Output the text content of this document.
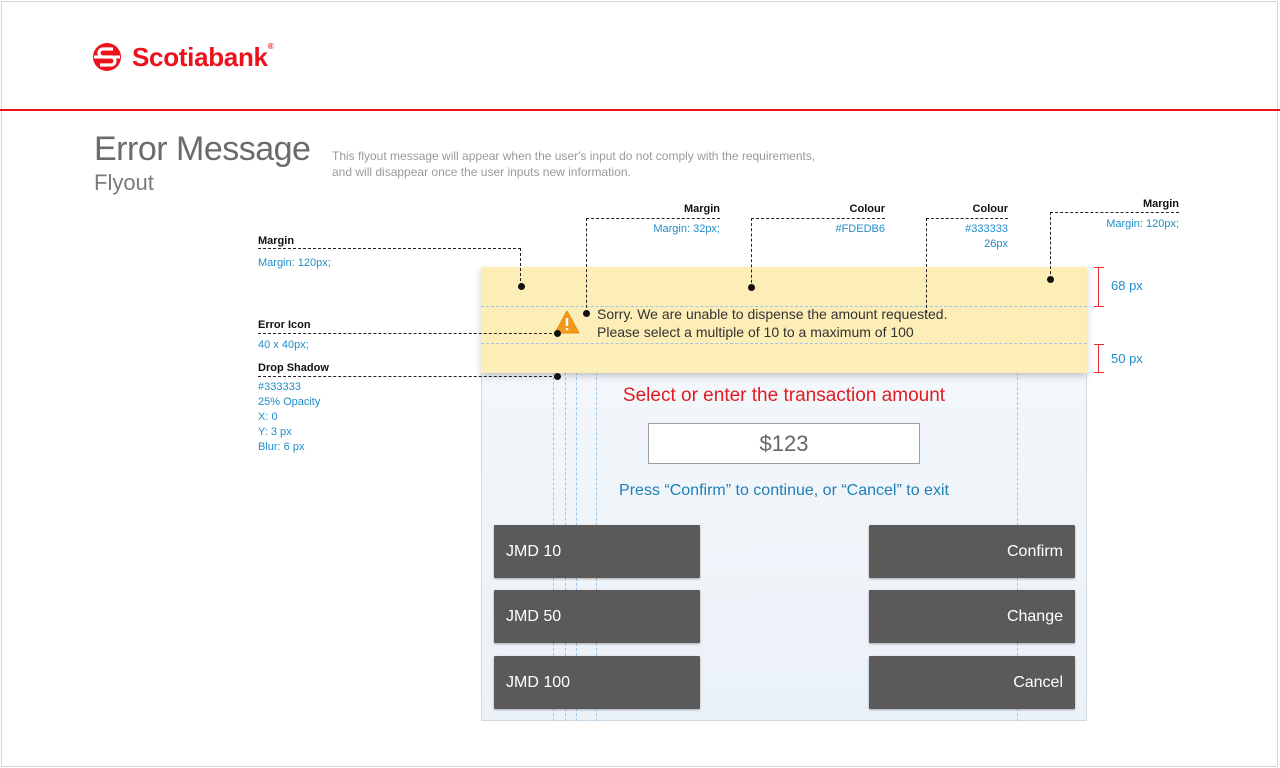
Scotiabank®
Error Message
Flyout
This flyout message will appear when the user's input do not comply with the requirements,
and will disappear once the user inputs new information.
Sorry. We are unable to dispense the amount requested.
Please select a multiple of 10 to a maximum of 100
Select or enter the transaction amount
$123
Press “Confirm” to continue, or “Cancel” to exit
JMD 10
JMD 50
JMD 100
Confirm
Change
Cancel
Margin
Margin: 120px;
Error Icon
40 x 40px;
Drop Shadow
#333333
25% Opacity
X: 0
Y: 3 px
Blur: 6 px
Margin
Margin: 32px;
Colour
#FDEDB6
Colour
#333333
26px
Margin
Margin: 120px;
68 px
50 px
